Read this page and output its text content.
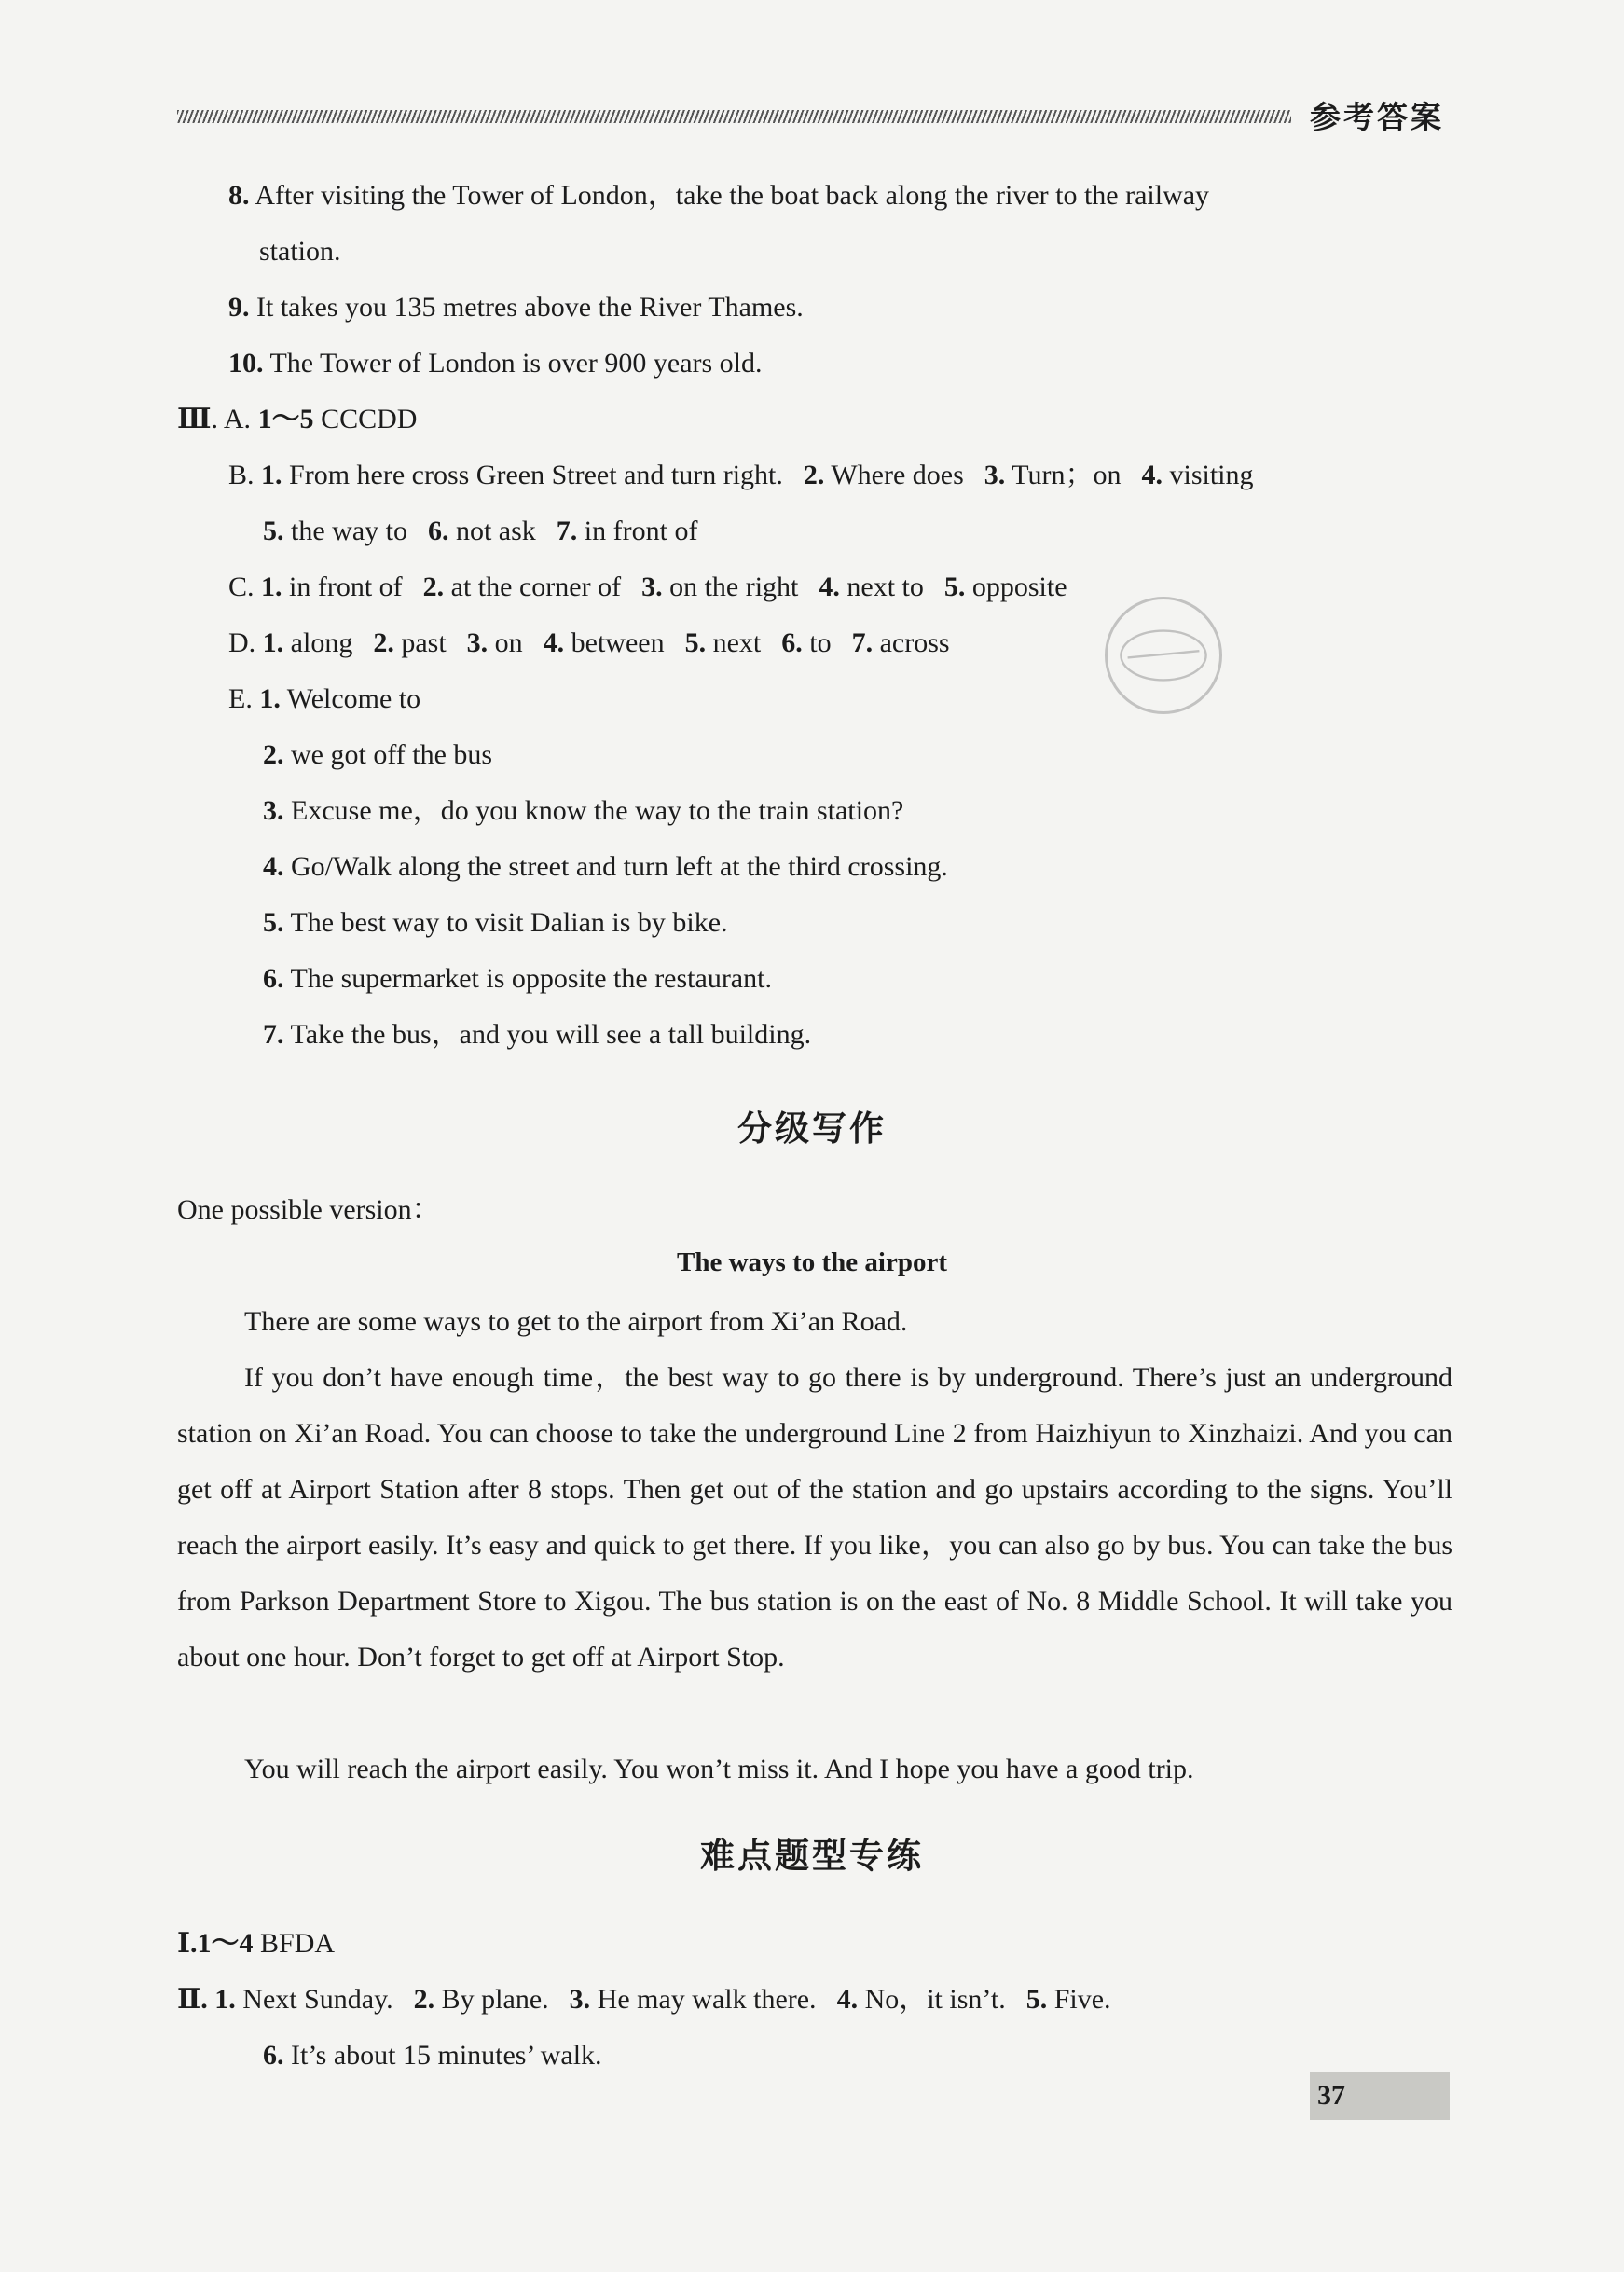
参考答案
8. After visiting the Tower of London，take the boat back along the river to the railway
station.
9. It takes you 135 metres above the River Thames.
10. The Tower of London is over 900 years old.
Ⅲ. A. 1～5 CCCDD
B. 1. From here cross Green Street and turn right. 2. Where does 3. Turn；on 4. visiting
5. the way to 6. not ask 7. in front of
C. 1. in front of 2. at the corner of 3. on the right 4. next to 5. opposite
D. 1. along 2. past 3. on 4. between 5. next 6. to 7. across
E. 1. Welcome to
2. we got off the bus
3. Excuse me，do you know the way to the train station?
4. Go/Walk along the street and turn left at the third crossing.
5. The best way to visit Dalian is by bike.
6. The supermarket is opposite the restaurant.
7. Take the bus，and you will see a tall building.
分级写作
One possible version：
The ways to the airport
There are some ways to get to the airport from Xi’an Road.
If you don’t have enough time，the best way to go there is by underground. There’s just an underground station on Xi’an Road. You can choose to take the underground Line 2 from Haizhiyun to Xinzhaizi. And you can get off at Airport Station after 8 stops. Then get out of the station and go upstairs according to the signs. You’ll reach the airport easily. It’s easy and quick to get there. If you like，you can also go by bus. You can take the bus from Parkson Department Store to Xigou. The bus station is on the east of No. 8 Middle School. It will take you about one hour. Don’t forget to get off at Airport Stop.
You will reach the airport easily. You won’t miss it. And I hope you have a good trip.
难点题型专练
Ⅰ.1～4 BFDA
Ⅱ. 1. Next Sunday. 2. By plane. 3. He may walk there. 4. No，it isn’t. 5. Five.
6. It’s about 15 minutes’ walk.
37
